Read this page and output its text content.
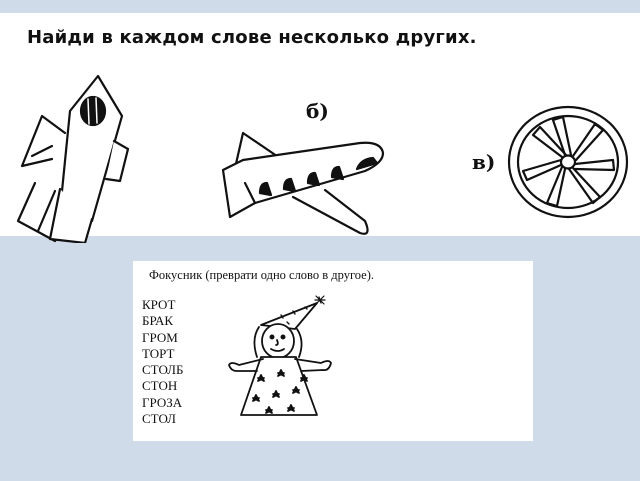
Найди в каждом слове несколько других.
б)
в)
Фокусник (преврати одно слово в другое).
КРОТ
БРАК
ГРОМ
ТОРТ
СТОЛБ
СТОН
ГРОЗА
СТОЛ
